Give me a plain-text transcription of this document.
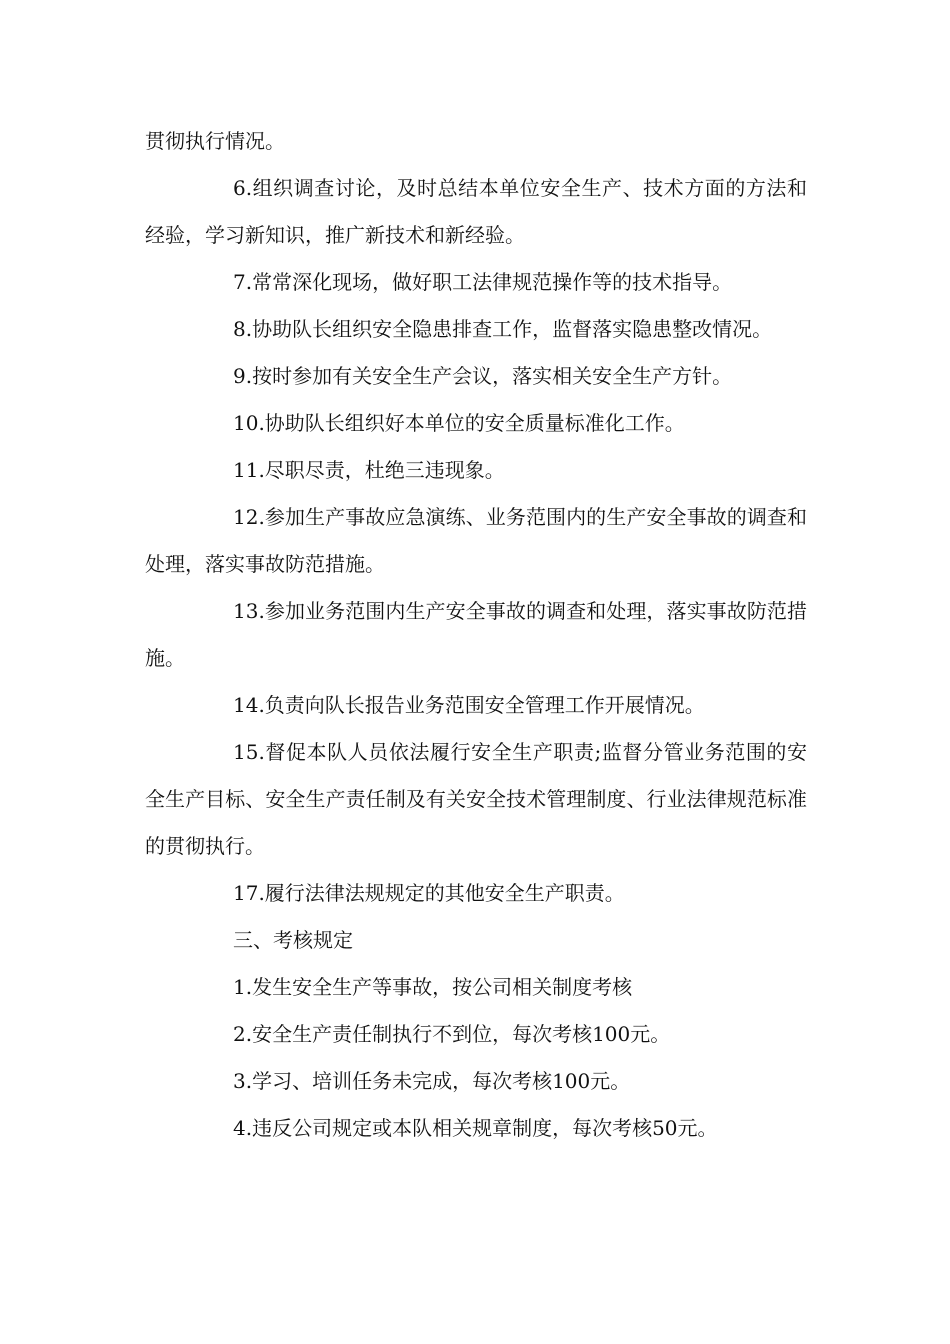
贯彻执行情况。

6.组织调查讨论，及时总结本单位安全生产、技术方面的方法和经验，学习新知识，推广新技术和新经验。

7.常常深化现场，做好职工法律规范操作等的技术指导。

8.协助队长组织安全隐患排查工作，监督落实隐患整改情况。

9.按时参加有关安全生产会议，落实相关安全生产方针。

10.协助队长组织好本单位的安全质量标准化工作。

11.尽职尽责，杜绝三违现象。

12.参加生产事故应急演练、业务范围内的生产安全事故的调查和处理，落实事故防范措施。

13.参加业务范围内生产安全事故的调查和处理，落实事故防范措施。

14.负责向队长报告业务范围安全管理工作开展情况。

15.督促本队人员依法履行安全生产职责;监督分管业务范围的安全生产目标、安全生产责任制及有关安全技术管理制度、行业法律规范标准的贯彻执行。

17.履行法律法规规定的其他安全生产职责。

三、考核规定

1.发生安全生产等事故，按公司相关制度考核

2.安全生产责任制执行不到位，每次考核100元。

3.学习、培训任务未完成，每次考核100元。

4.违反公司规定或本队相关规章制度，每次考核50元。
